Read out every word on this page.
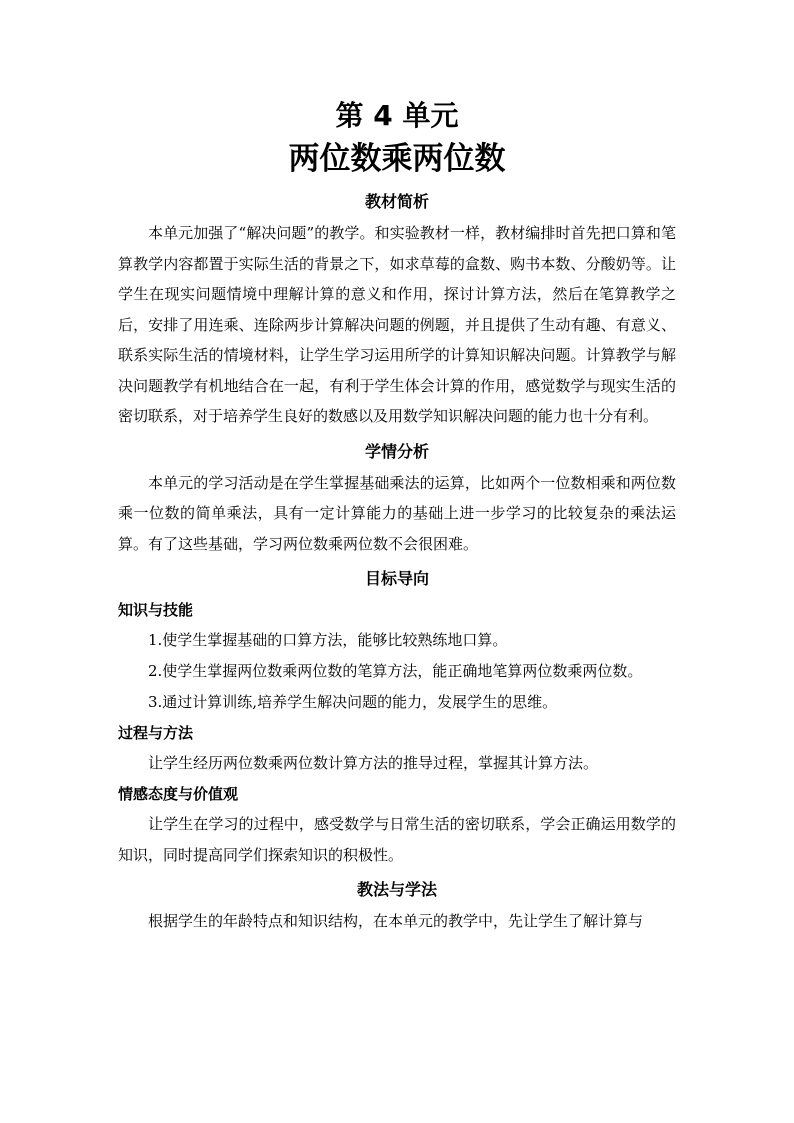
第 4 单元
两位数乘两位数
教材简析

本单元加强了“解决问题”的教学。和实验教材一样，教材编排时首先把口算和笔算教学内容都置于实际生活的背景之下，如求草莓的盒数、购书本数、分酸奶等。让学生在现实问题情境中理解计算的意义和作用，探讨计算方法，然后在笔算教学之后，安排了用连乘、连除两步计算解决问题的例题，并且提供了生动有趣、有意义、联系实际生活的情境材料，让学生学习运用所学的计算知识解决问题。计算教学与解决问题教学有机地结合在一起，有利于学生体会计算的作用，感觉数学与现实生活的密切联系，对于培养学生良好的数感以及用数学知识解决问题的能力也十分有利。

学情分析

本单元的学习活动是在学生掌握基础乘法的运算，比如两个一位数相乘和两位数乘一位数的简单乘法，具有一定计算能力的基础上进一步学习的比较复杂的乘法运算。有了这些基础，学习两位数乘两位数不会很困难。

目标导向
知识与技能

1.使学生掌握基础的口算方法，能够比较熟练地口算。

2.使学生掌握两位数乘两位数的笔算方法，能正确地笔算两位数乘两位数。

3.通过计算训练,培养学生解决问题的能力，发展学生的思维。

过程与方法

让学生经历两位数乘两位数计算方法的推导过程，掌握其计算方法。

情感态度与价值观

让学生在学习的过程中，感受数学与日常生活的密切联系，学会正确运用数学的知识，同时提高同学们探索知识的积极性。

教法与学法

根据学生的年龄特点和知识结构，在本单元的教学中，先让学生了解计算与
